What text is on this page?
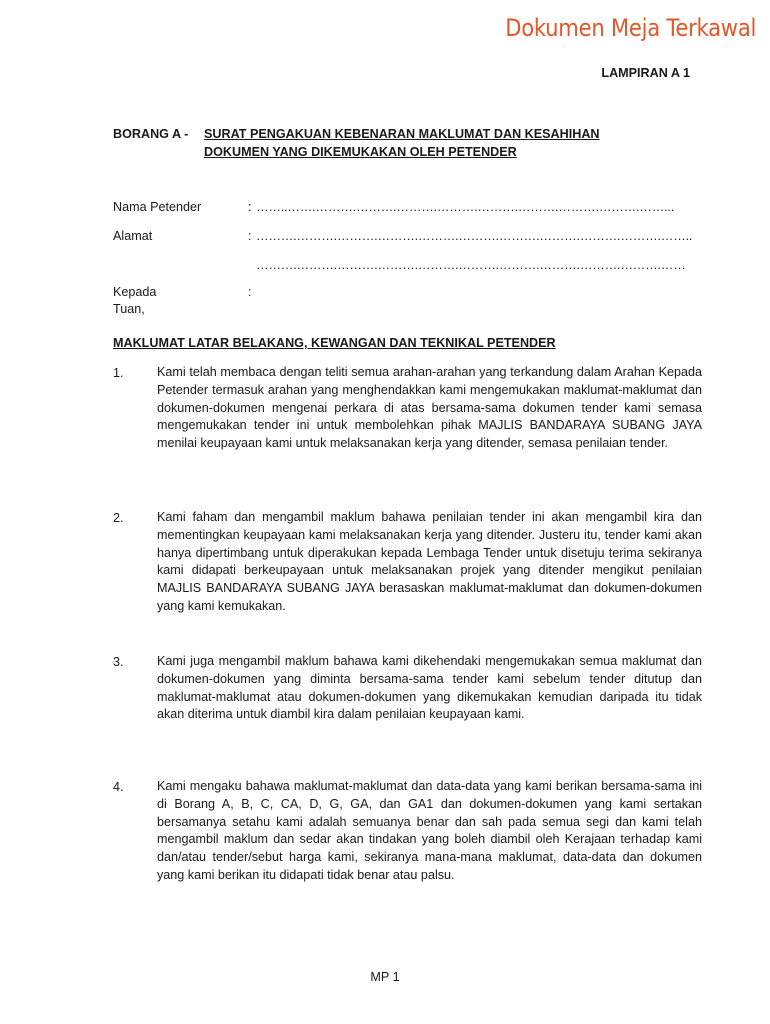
Dokumen Meja Terkawal
LAMPIRAN A 1
BORANG A - SURAT PENGAKUAN KEBENARAN MAKLUMAT DAN KESAHIHAN
DOKUMEN YANG DIKEMUKAKAN OLEH PETENDER
Nama Petender	: ……..…….……….……….……….……….……….……….……….……….……...
Alamat	: ……….……….……….……….……….……….……….……….……….……….……..
……….……….……….……….……….……….……….……….……….……….……
Kepada	:
Tuan,
MAKLUMAT LATAR BELAKANG, KEWANGAN DAN TEKNIKAL PETENDER
1.	Kami telah membaca dengan teliti semua arahan-arahan yang terkandung dalam Arahan Kepada Petender termasuk arahan yang menghendakkan kami mengemukakan maklumat-maklumat dan dokumen-dokumen mengenai perkara di atas bersama-sama dokumen tender kami semasa mengemukakan tender ini untuk membolehkan pihak MAJLIS BANDARAYA SUBANG JAYA menilai keupayaan kami untuk melaksanakan kerja yang ditender, semasa penilaian tender.
2.	Kami faham dan mengambil maklum bahawa penilaian tender ini akan mengambil kira dan mementingkan keupayaan kami melaksanakan kerja yang ditender. Justeru itu, tender kami akan hanya dipertimbang untuk diperakukan kepada Lembaga Tender untuk disetuju terima sekiranya kami didapati berkeupayaan untuk melaksanakan projek yang ditender mengikut penilaian MAJLIS BANDARAYA SUBANG JAYA berasaskan maklumat-maklumat dan dokumen-dokumen yang kami kemukakan.
3.	Kami juga mengambil maklum bahawa kami dikehendaki mengemukakan semua maklumat dan dokumen-dokumen yang diminta bersama-sama tender kami sebelum tender ditutup dan maklumat-maklumat atau dokumen-dokumen yang dikemukakan kemudian daripada itu tidak akan diterima untuk diambil kira dalam penilaian keupayaan kami.
4.	Kami mengaku bahawa maklumat-maklumat dan data-data yang kami berikan bersama-sama ini di Borang A, B, C, CA, D, G, GA, dan GA1 dan dokumen-dokumen yang kami sertakan bersamanya setahu kami adalah semuanya benar dan sah pada semua segi dan kami telah mengambil maklum dan sedar akan tindakan yang boleh diambil oleh Kerajaan terhadap kami dan/atau tender/sebut harga kami, sekiranya mana-mana maklumat, data-data dan dokumen yang kami berikan itu didapati tidak benar atau palsu.
MP 1
